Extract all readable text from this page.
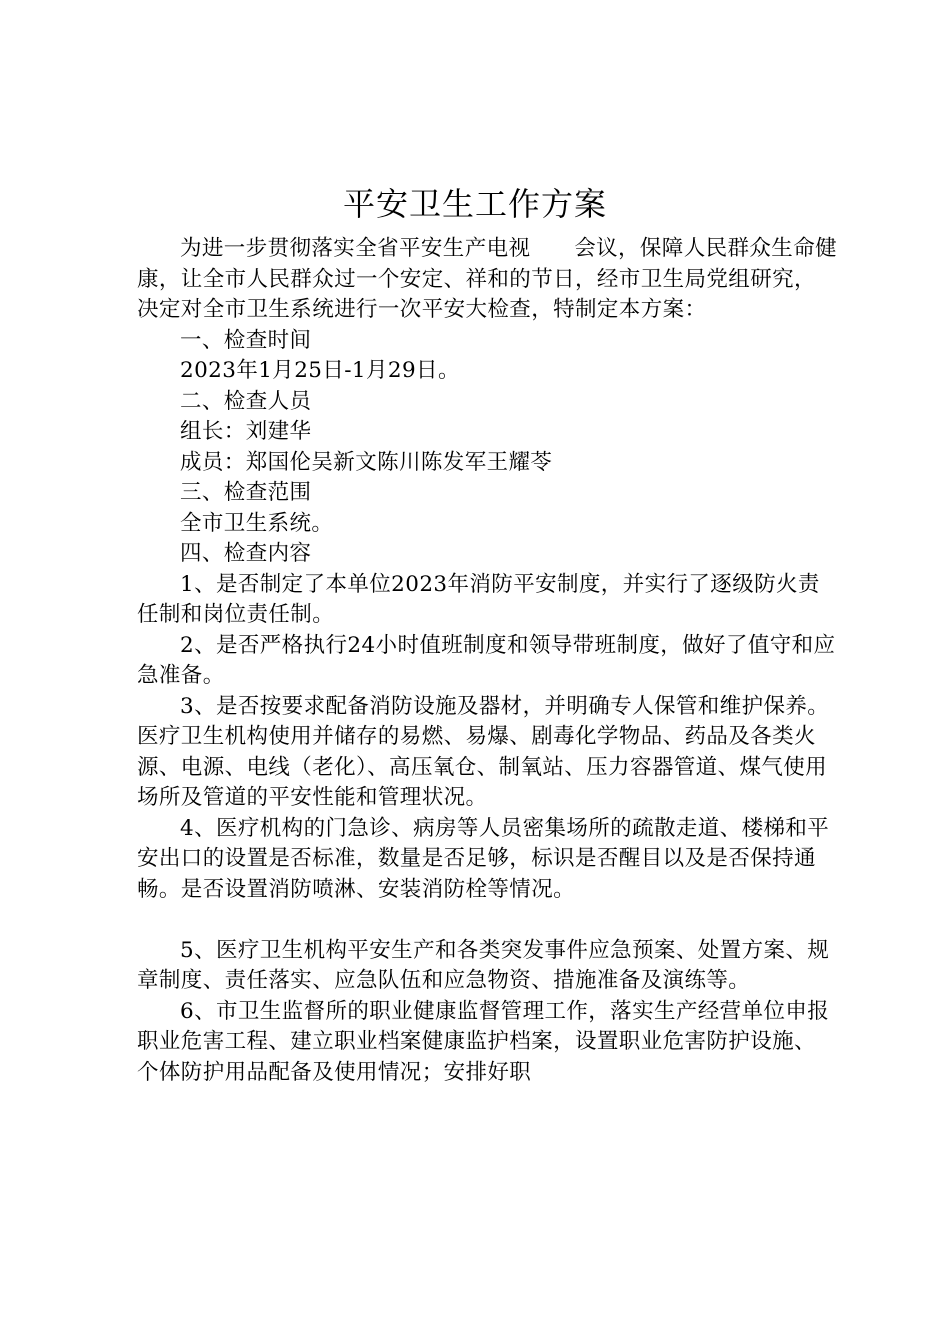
平安卫生工作方案

为进一步贯彻落实全省平安生产电视　　会议，保障人民群众生命健康，让全市人民群众过一个安定、祥和的节日，经市卫生局党组研究，决定对全市卫生系统进行一次平安大检查，特制定本方案：

一、检查时间

2023年1月25日-1月29日。

二、检查人员

组长：刘建华

成员：郑国伦吴新文陈川陈发军王耀苓

三、检查范围

全市卫生系统。

四、检查内容

1、是否制定了本单位2023年消防平安制度，并实行了逐级防火责任制和岗位责任制。

2、是否严格执行24小时值班制度和领导带班制度，做好了值守和应急准备。

3、是否按要求配备消防设施及器材，并明确专人保管和维护保养。医疗卫生机构使用并储存的易燃、易爆、剧毒化学物品、药品及各类火源、电源、电线（老化）、高压氧仓、制氧站、压力容器管道、煤气使用场所及管道的平安性能和管理状况。

4、医疗机构的门急诊、病房等人员密集场所的疏散走道、楼梯和平安出口的设置是否标准，数量是否足够，标识是否醒目以及是否保持通畅。是否设置消防喷淋、安装消防栓等情况。

5、医疗卫生机构平安生产和各类突发事件应急预案、处置方案、规章制度、责任落实、应急队伍和应急物资、措施准备及演练等。

6、市卫生监督所的职业健康监督管理工作，落实生产经营单位申报职业危害工程、建立职业档案健康监护档案，设置职业危害防护设施、个体防护用品配备及使用情况；安排好职
